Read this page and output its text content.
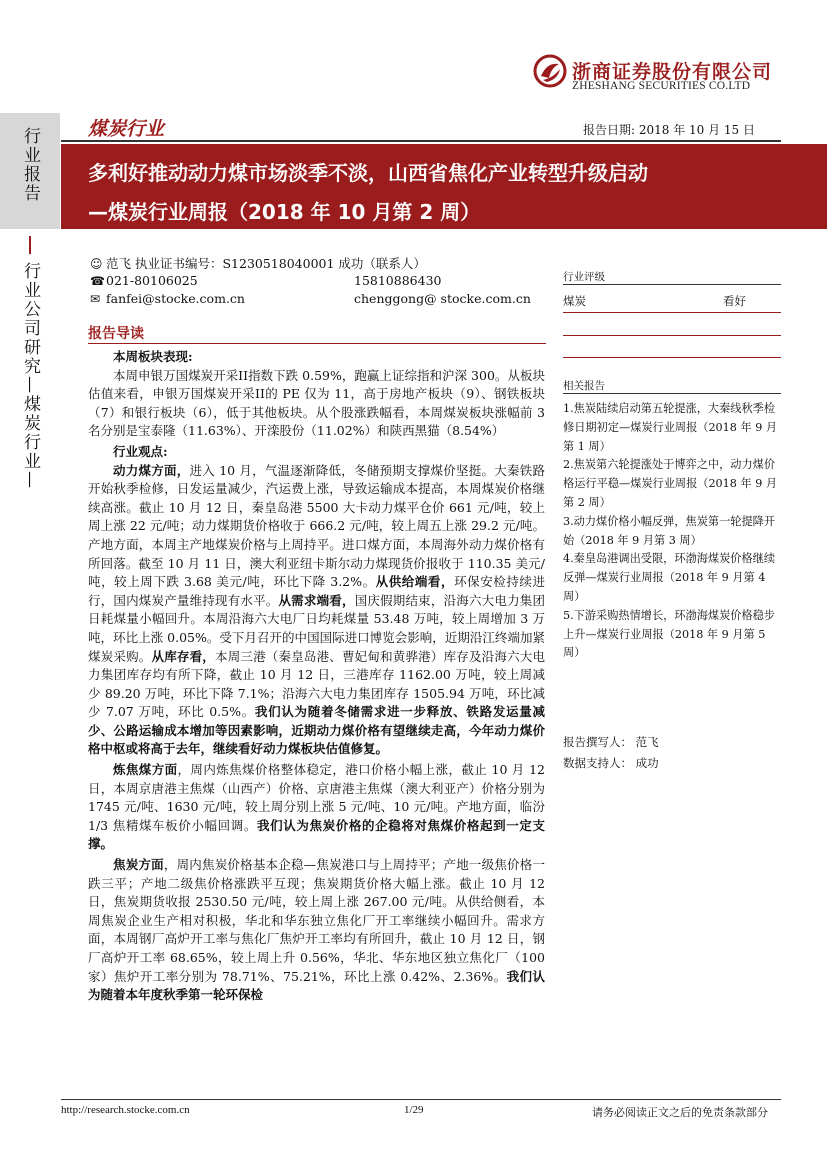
浙商证券股份有限公司
ZHESHANG SECURITIES CO.LTD
煤炭行业	报告日期: 2018 年 10 月 15 日
行业报告
行业公司研究—煤炭行业—
多利好推动动力煤市场淡季不淡，山西省焦化产业转型升级启动
—煤炭行业周报（2018 年 10 月第 2 周）
☺ 范飞 执业证书编号：S1230518040001 成功（联系人）
☎021-80106025	15810886430
✉ fanfei@stocke.com.cn	chenggong@ stocke.com.cn
报告导读
本周板块表现:
本周申银万国煤炭开采II指数下跌 0.59%，跑赢上证综指和沪深 300。从板块估值来看，申银万国煤炭开采II的 PE 仅为 11，高于房地产板块（9）、钢铁板块（7）和银行板块（6），低于其他板块。从个股涨跌幅看，本周煤炭板块涨幅前 3 名分别是宝泰隆（11.63%）、开滦股份（11.02%）和陕西黑猫（8.54%）
行业观点:
动力煤方面，进入 10 月，气温逐渐降低，冬储预期支撑煤价坚挺。大秦铁路开始秋季检修，日发运量减少，汽运费上涨，导致运输成本提高，本周煤炭价格继续高涨。截止 10 月 12 日，秦皇岛港 5500 大卡动力煤平仓价 661 元/吨，较上周上涨 22 元/吨；动力煤期货价格收于 666.2 元/吨，较上周五上涨 29.2 元/吨。产地方面，本周主产地煤炭价格与上周持平。进口煤方面，本周海外动力煤价格有所回落。截至 10 月 11 日，澳大利亚纽卡斯尔动力煤现货价报收于 110.35 美元/吨，较上周下跌 3.68 美元/吨，环比下降 3.2%。从供给端看，环保安检持续进行，国内煤炭产量维持现有水平。从需求端看，国庆假期结束，沿海六大电力集团日耗煤量小幅回升。本周沿海六大电厂日均耗煤量 53.48 万吨，较上周增加 3 万吨，环比上涨 0.05%。受下月召开的中国国际进口博览会影响，近期沿江终端加紧煤炭采购。从库存看，本周三港（秦皇岛港、曹妃甸和黄骅港）库存及沿海六大电力集团库存均有所下降，截止 10 月 12 日，三港库存 1162.00 万吨，较上周减少 89.20 万吨，环比下降 7.1%；沿海六大电力集团库存 1505.94 万吨，环比减少 7.07 万吨，环比 0.5%。我们认为随着冬储需求进一步释放、铁路发运量减少、公路运输成本增加等因素影响，近期动力煤价格有望继续走高，今年动力煤价格中枢或将高于去年，继续看好动力煤板块估值修复。
炼焦煤方面，周内炼焦煤价格整体稳定，港口价格小幅上涨，截止 10 月 12 日，本周京唐港主焦煤（山西产）价格、京唐港主焦煤（澳大利亚产）价格分别为 1745 元/吨、1630 元/吨，较上周分别上涨 5 元/吨、10 元/吨。产地方面，临汾 1/3 焦精煤车板价小幅回调。我们认为焦炭价格的企稳将对焦煤价格起到一定支撑。
焦炭方面，周内焦炭价格基本企稳—焦炭港口与上周持平；产地一级焦价格一跌三平；产地二级焦价格涨跌平互现；焦炭期货价格大幅上涨。截止 10 月 12 日，焦炭期货收报 2530.50 元/吨，较上周上涨 267.00 元/吨。从供给侧看，本周焦炭企业生产相对积极，华北和华东独立焦化厂开工率继续小幅回升。需求方面，本周钢厂高炉开工率与焦化厂焦炉开工率均有所回升，截止 10 月 12 日，钢厂高炉开工率 68.65%，较上周上升 0.56%，华北、华东地区独立焦化厂（100 家）焦炉开工率分别为 78.71%、75.21%，环比上涨 0.42%、2.36%。我们认为随着本年度秋季第一轮环保检
行业评级
煤炭	看好
相关报告
1.焦炭陆续启动第五轮提涨，大秦线秋季检修日期初定—煤炭行业周报（2018 年 9 月第 1 周）
2.焦炭第六轮提涨处于博弈之中，动力煤价格运行平稳—煤炭行业周报（2018 年 9 月第 2 周）
3.动力煤价格小幅反弹，焦炭第一轮提降开始（2018 年 9 月第 3 周）
4.秦皇岛港调出受限，环渤海煤炭价格继续反弹—煤炭行业周报（2018 年 9 月第 4 周）
5.下游采购热情增长，环渤海煤炭价格稳步上升—煤炭行业周报（2018 年 9 月第 5 周）
报告撰写人： 范飞
数据支持人： 成功
http://research.stocke.com.cn	1/29	请务必阅读正文之后的免责条款部分
